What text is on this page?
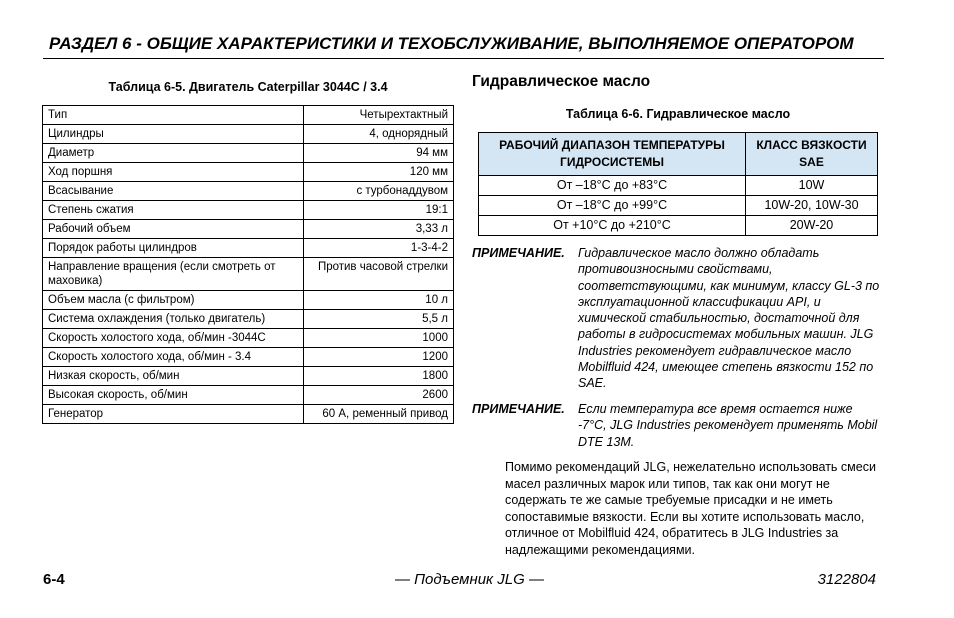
РАЗДЕЛ 6 - ОБЩИЕ ХАРАКТЕРИСТИКИ И ТЕХОБСЛУЖИВАНИЕ, ВЫПОЛНЯЕМОЕ ОПЕРАТОРОМ
Таблица 6-5. Двигатель Caterpillar 3044C / 3.4
Тип	Четырехтактный
Цилиндры	4, однорядный
Диаметр	94 мм
Ход поршня	120 мм
Всасывание	с турбонаддувом
Степень сжатия	19:1
Рабочий объем	3,33 л
Порядок работы цилиндров	1-3-4-2
Направление вращения (если смотреть от маховика)	Против часовой стрелки
Объем масла (с фильтром)	10 л
Система охлаждения (только двигатель)	5,5 л
Скорость холостого хода, об/мин -3044C	1000
Скорость холостого хода, об/мин - 3.4	1200
Низкая скорость, об/мин	1800
Высокая скорость, об/мин	2600
Генератор	60 А, ременный привод
Гидравлическое масло
Таблица 6-6. Гидравлическое масло
РАБОЧИЙ ДИАПАЗОН ТЕМПЕРАТУРЫ ГИДРОСИСТЕМЫ	КЛАСС ВЯЗКОСТИ SAE
От –18°C до +83°C	10W
От –18°C до +99°C	10W-20, 10W-30
От +10°C до +210°C	20W-20
ПРИМЕЧАНИЕ. Гидравлическое масло должно обладать противоизносными свойствами, соответствующими, как минимум, классу GL-3 по эксплуатационной классификации API, и химической стабильностью, достаточной для работы в гидросистемах мобильных машин. JLG Industries рекомендует гидравлическое масло Mobilfluid 424, имеющее степень вязкости 152 по SAE.
ПРИМЕЧАНИЕ. Если температура все время остается ниже -7°C, JLG Industries рекомендует применять Mobil DTE 13M.
Помимо рекомендаций JLG, нежелательно использовать смеси масел различных марок или типов, так как они могут не содержать те же самые требуемые присадки и не иметь сопоставимые вязкости. Если вы хотите использовать масло, отличное от Mobilfluid 424, обратитесь в JLG Industries за надлежащими рекомендациями.
6-4	— Подъемник JLG —	3122804
